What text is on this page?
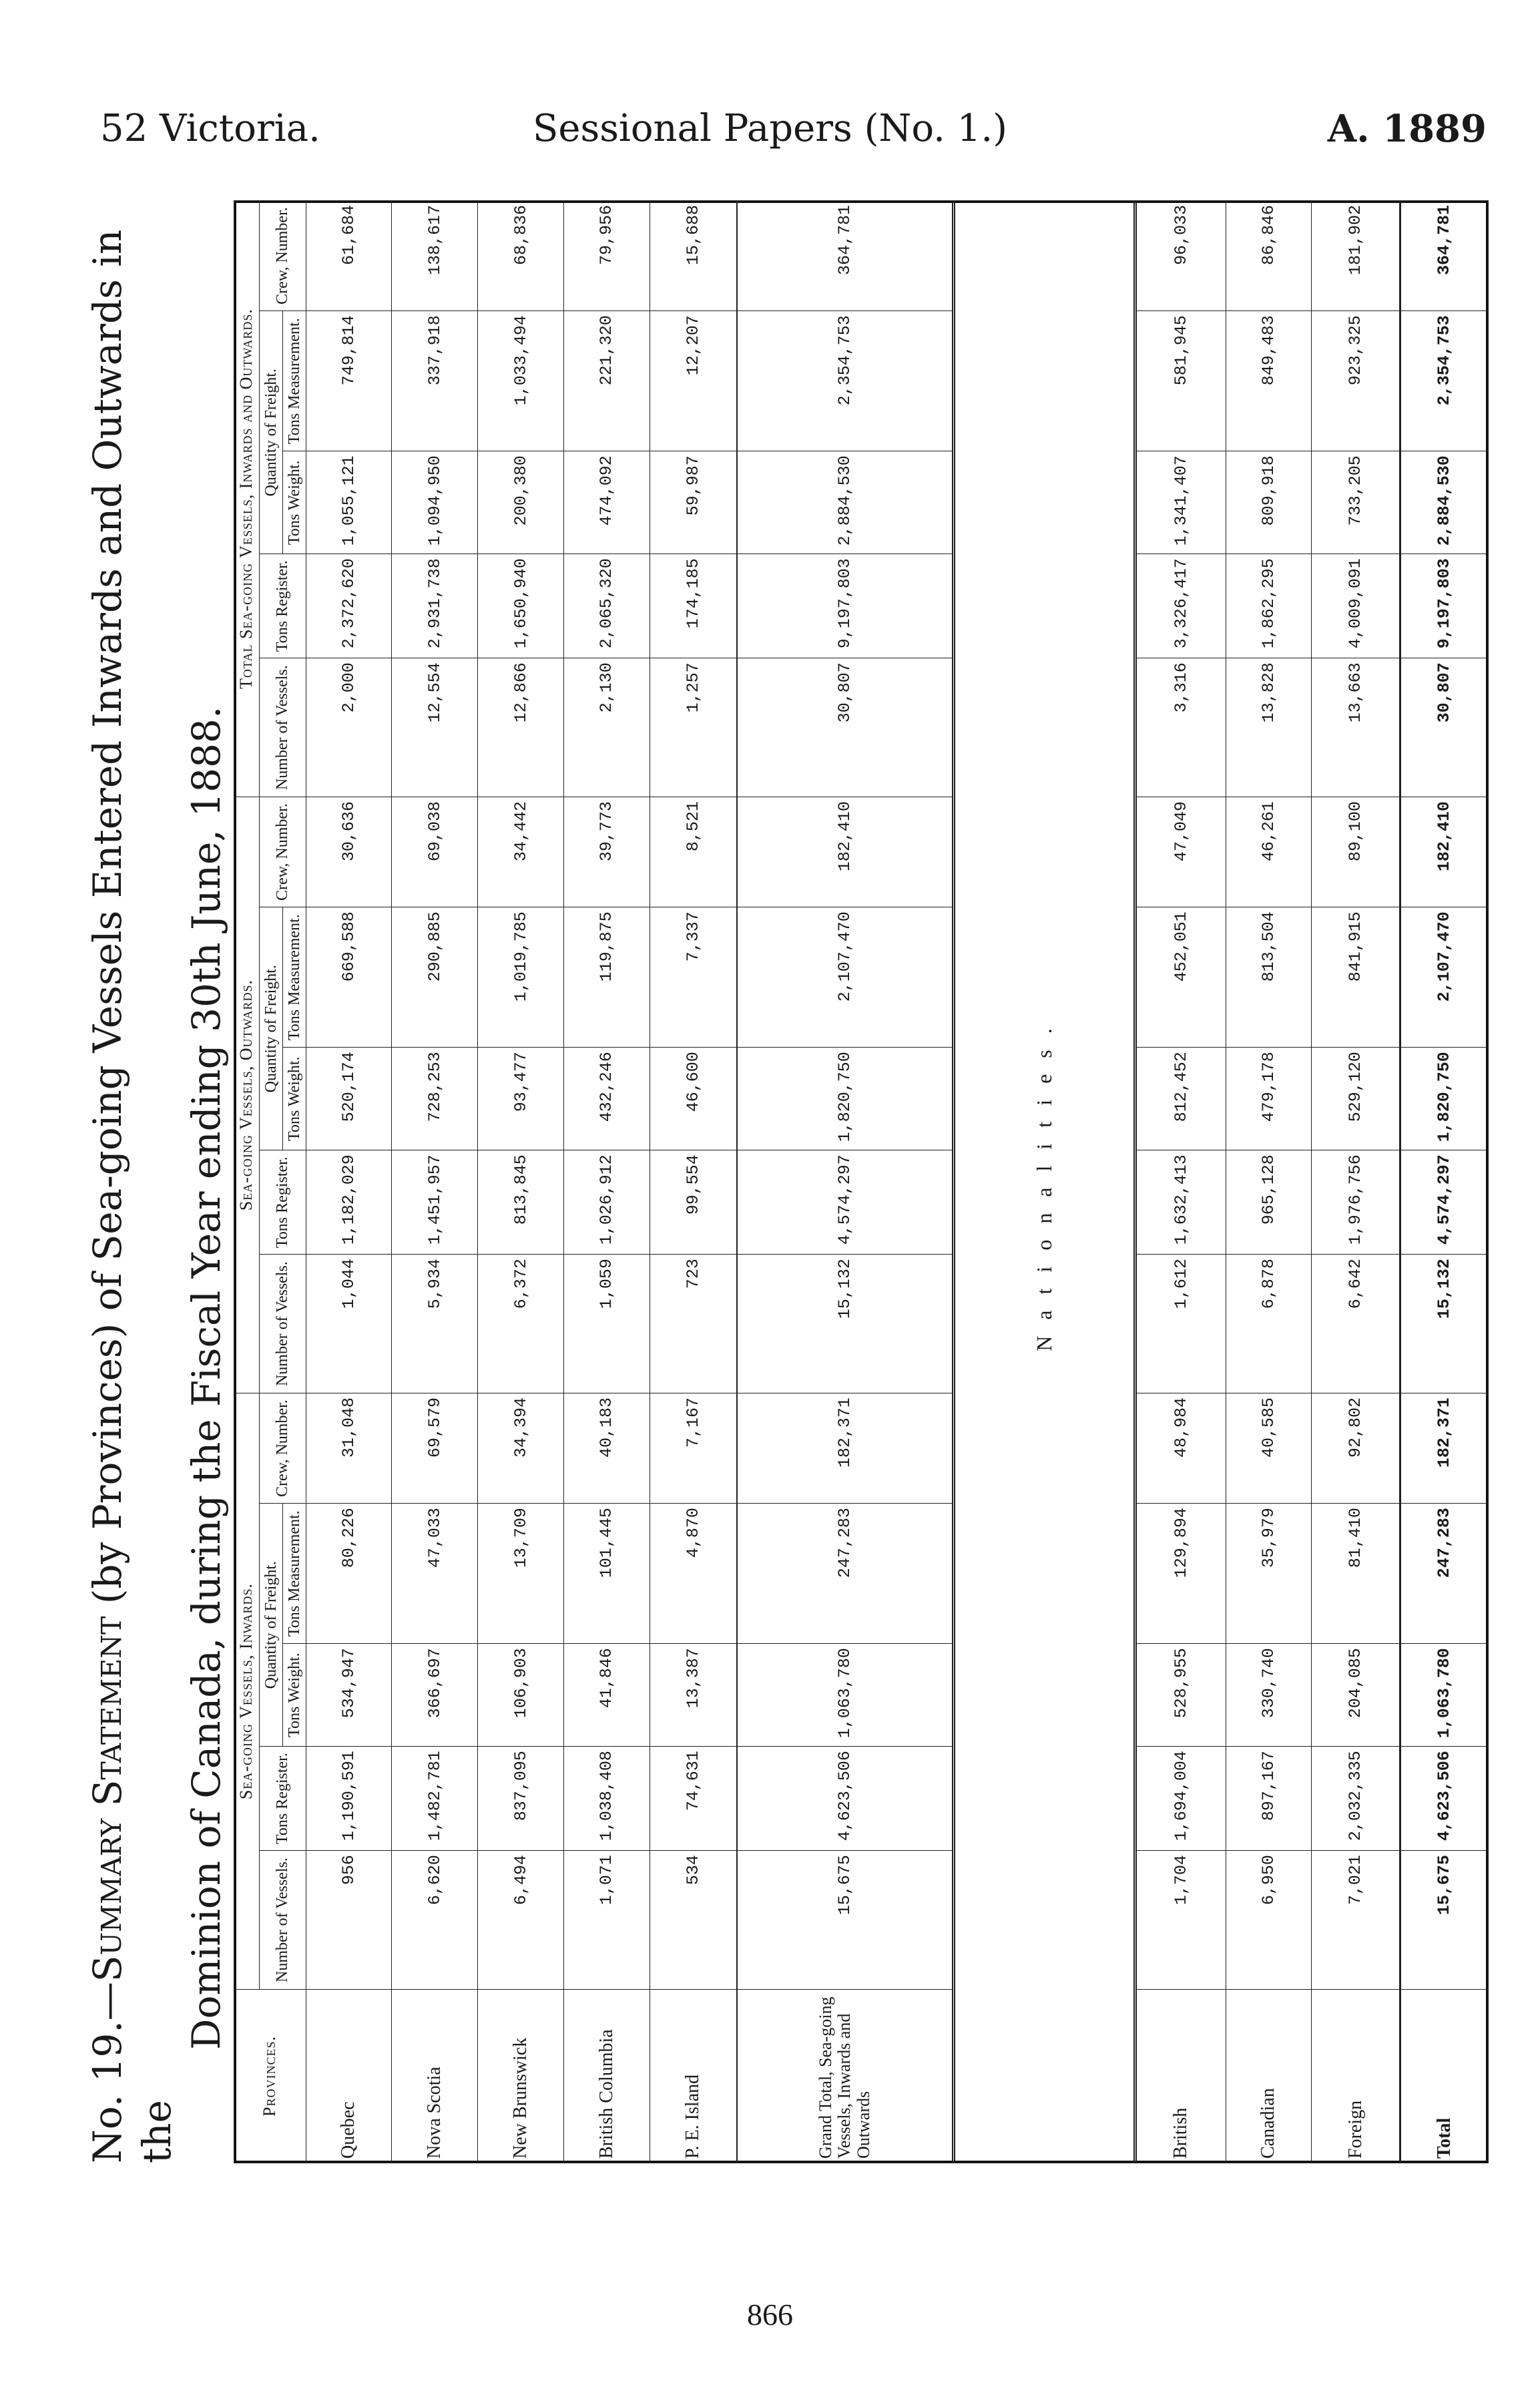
52 Victoria.	Sessional Papers (No. 1.)	A. 1889
No. 19.—Summary Statement (by Provinces) of Sea-going Vessels Entered Inwards and Outwards in the
Dominion of Canada, during the Fiscal Year ending 30th June, 1888.
Provinces.	Sea-going Vessels, Inwards.					Sea-going Vessels, Outwards.					Total Sea-going Vessels, Inwards and Outwards.				
	Number of Vessels.	Tons Register.	Quantity of Freight.		Crew, Number.	Number of Vessels.	Tons Register.	Quantity of Freight.		Crew, Number.	Number of Vessels.	Tons Register.	Quantity of Freight.		Crew, Number.
			Tons Weight.	Tons Measurement.				Tons Weight.	Tons Measurement.				Tons Weight.	Tons Measurement.	
Quebec	956	1,190,591	534,947	80,226	31,048	1,044	1,182,029	520,174	669,588	30,636	2,000	2,372,620	1,055,121	749,814	61,684
Nova Scotia	6,620	1,482,781	366,697	47,033	69,579	5,934	1,451,957	728,253	290,885	69,038	12,554	2,931,738	1,094,950	337,918	138,617
New Brunswick	6,494	837,095	106,903	13,709	34,394	6,372	813,845	93,477	1,019,785	34,442	12,866	1,650,940	200,380	1,033,494	68,836
British Columbia	1,071	1,038,408	41,846	101,445	40,183	1,059	1,026,912	432,246	119,875	39,773	2,130	2,065,320	474,092	221,320	79,956
P. E. Island	534	74,631	13,387	4,870	7,167	723	99,554	46,600	7,337	8,521	1,257	174,185	59,987	12,207	15,688
Grand Total, Sea-going Vessels, Inwards and Outwards	15,675	4,623,506	1,063,780	247,283	182,371	15,132	4,574,297	1,820,750	2,107,470	182,410	30,807	9,197,803	2,884,530	2,354,753	364,781
Nationalities.															
British	1,704	1,694,004	528,955	129,894	48,984	1,612	1,632,413	812,452	452,051	47,049	3,316	3,326,417	1,341,407	581,945	96,033
Canadian	6,950	897,167	330,740	35,979	40,585	6,878	965,128	479,178	813,504	46,261	13,828	1,862,295	809,918	849,483	86,846
Foreign	7,021	2,032,335	204,085	81,410	92,802	6,642	1,976,756	529,120	841,915	89,100	13,663	4,009,091	733,205	923,325	181,902
Total	15,675	4,623,506	1,063,780	247,283	182,371	15,132	4,574,297	1,820,750	2,107,470	182,410	30,807	9,197,803	2,884,530	2,354,753	364,781
866
